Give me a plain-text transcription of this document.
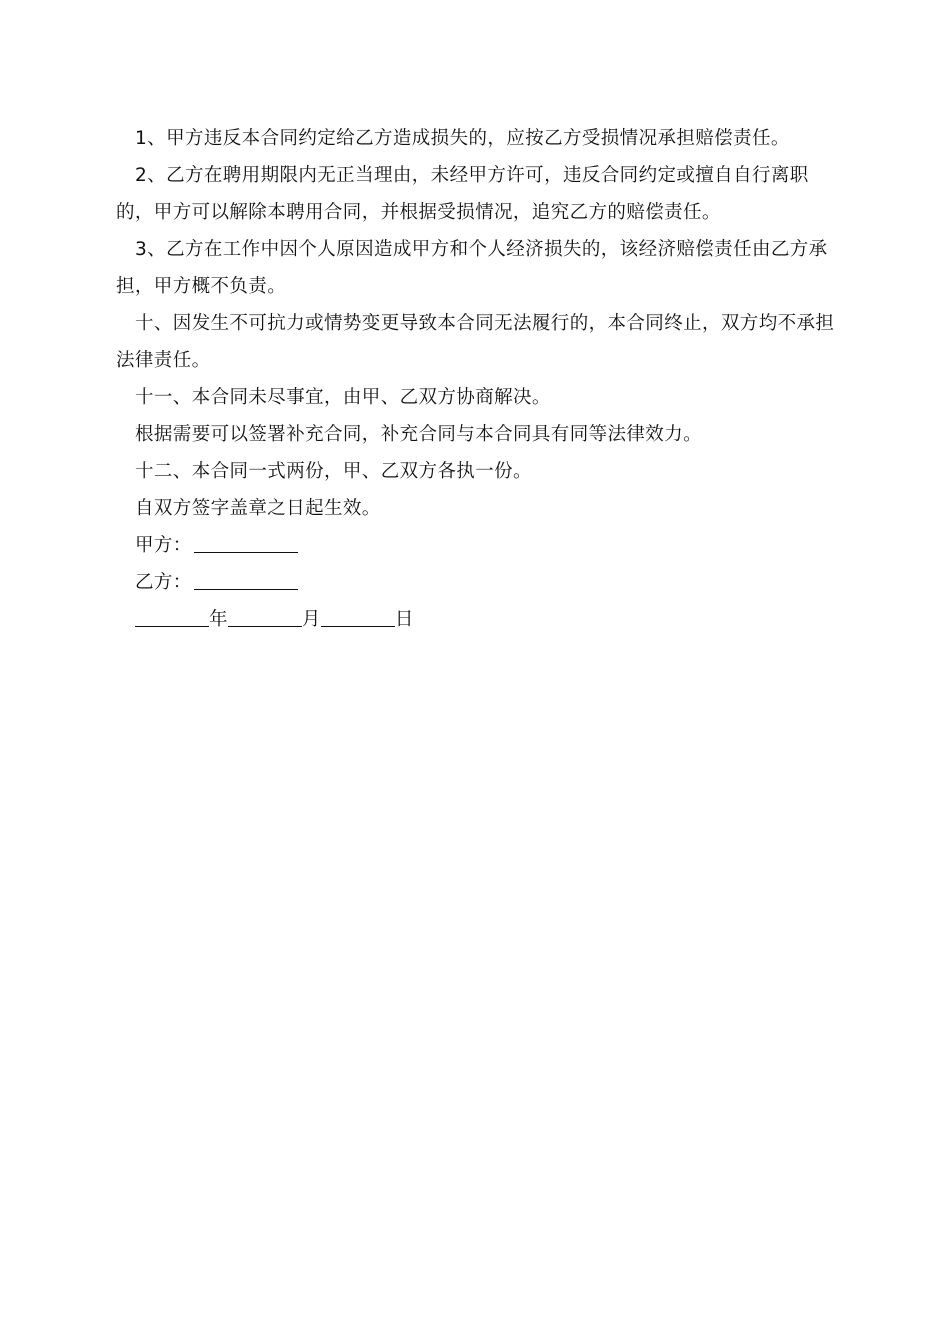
1、甲方违反本合同约定给乙方造成损失的，应按乙方受损情况承担赔偿责任。

2、乙方在聘用期限内无正当理由，未经甲方许可，违反合同约定或擅自自行离职的，甲方可以解除本聘用合同，并根据受损情况，追究乙方的赔偿责任。

3、乙方在工作中因个人原因造成甲方和个人经济损失的，该经济赔偿责任由乙方承担，甲方概不负责。

十、因发生不可抗力或情势变更导致本合同无法履行的，本合同终止，双方均不承担法律责任。

十一、本合同未尽事宜，由甲、乙双方协商解决。

根据需要可以签署补充合同，补充合同与本合同具有同等法律效力。

十二、本合同一式两份，甲、乙双方各执一份。

自双方签字盖章之日起生效。

甲方：

乙方：

年	月	日
